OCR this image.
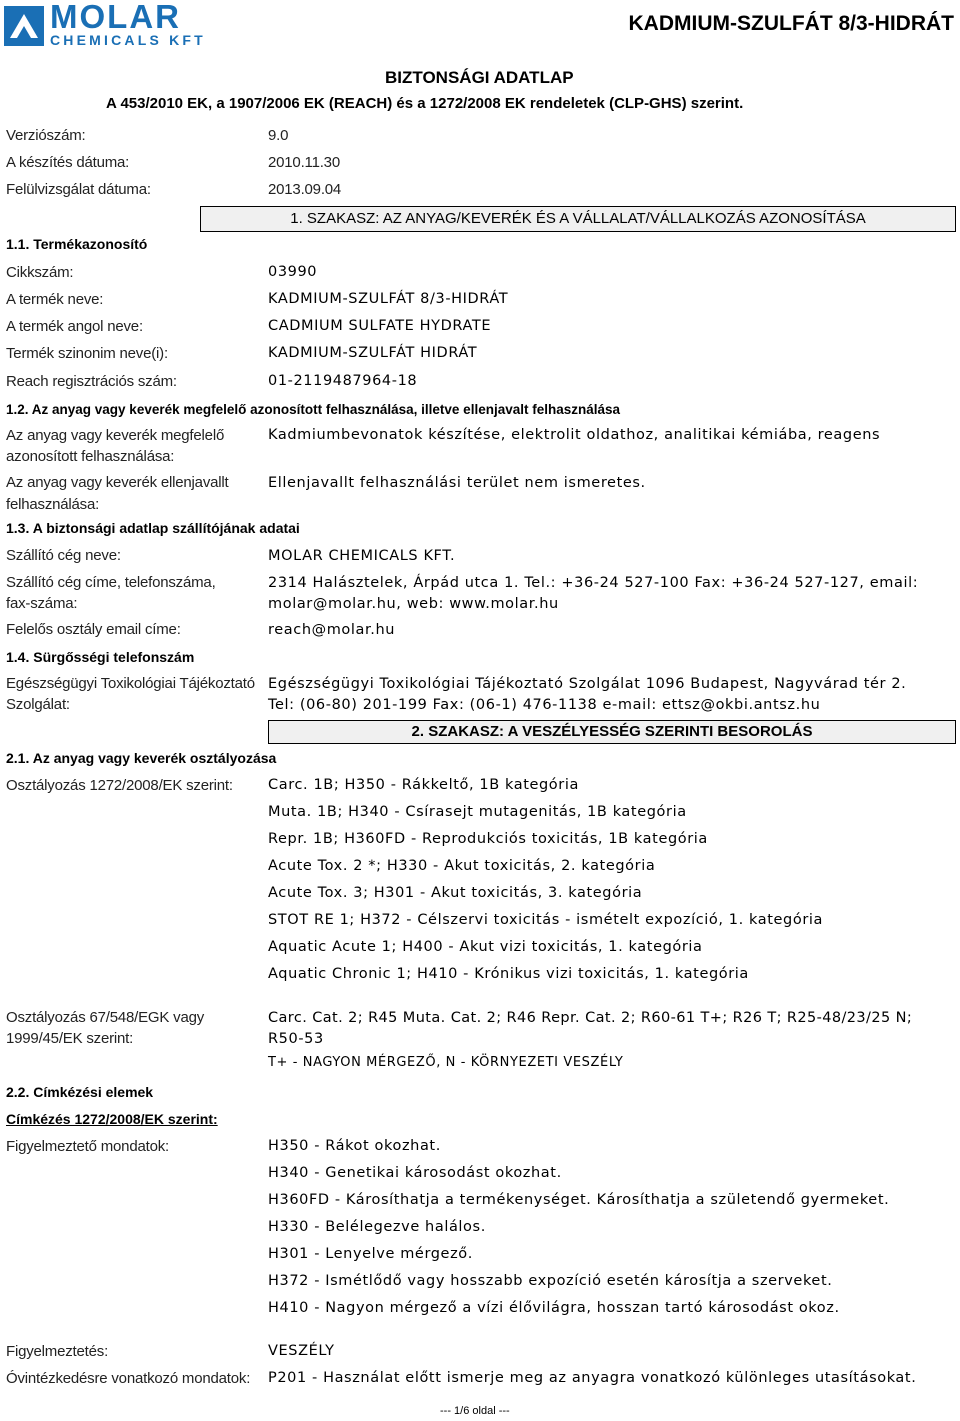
MOLAR
CHEMICALS KFT
KADMIUM-SZULFÁT 8/3-HIDRÁT
BIZTONSÁGI ADATLAP
A 453/2010 EK, a 1907/2006 EK (REACH) és a 1272/2008 EK rendeletek (CLP-GHS) szerint.
Verziószám:	9.0
A készítés dátuma:	2010.11.30
Felülvizsgálat dátuma:	2013.09.04
1. SZAKASZ: AZ ANYAG/KEVERÉK ÉS A VÁLLALAT/VÁLLALKOZÁS AZONOSÍTÁSA
1.1. Termékazonosító
Cikkszám:	03990
A termék neve:	KADMIUM-SZULFÁT 8/3-HIDRÁT
A termék angol neve:	CADMIUM SULFATE HYDRATE
Termék szinonim neve(i):	KADMIUM-SZULFÁT HIDRÁT
Reach regisztrációs szám:	01-2119487964-18
1.2. Az anyag vagy keverék megfelelő azonosított felhasználása, illetve ellenjavalt felhasználása
Az anyag vagy keverék megfelelő
azonosított felhasználása:
Kadmiumbevonatok készítése, elektrolit oldathoz, analitikai kémiába, reagens
Az anyag vagy keverék ellenjavallt
felhasználása:
Ellenjavallt felhasználási terület nem ismeretes.
1.3. A biztonsági adatlap szállítójának adatai
Szállító cég neve:	MOLAR CHEMICALS KFT.
Szállító cég címe, telefonszáma,
fax-száma:
2314 Halásztelek, Árpád utca 1. Tel.: +36-24 527-100 Fax: +36-24 527-127, email:
molar@molar.hu, web: www.molar.hu
Felelős osztály email címe:	reach@molar.hu
1.4. Sürgősségi telefonszám
Egészségügyi Toxikológiai Tájékoztató
Szolgálat:
Egészségügyi Toxikológiai Tájékoztató Szolgálat 1096 Budapest, Nagyvárad tér 2.
Tel: (06-80) 201-199 Fax: (06-1) 476-1138 e-mail: ettsz@okbi.antsz.hu
2. SZAKASZ: A VESZÉLYESSÉG SZERINTI BESOROLÁS
2.1. Az anyag vagy keverék osztályozása
Osztályozás 1272/2008/EK szerint: Carc. 1B; H350 - Rákkeltő, 1B kategória
Muta. 1B; H340 - Csírasejt mutagenitás, 1B kategória
Repr. 1B; H360FD - Reprodukciós toxicitás, 1B kategória
Acute Tox. 2 *; H330 - Akut toxicitás, 2. kategória
Acute Tox. 3; H301 - Akut toxicitás, 3. kategória
STOT RE 1; H372 - Célszervi toxicitás - ismételt expozíció, 1. kategória
Aquatic Acute 1; H400 - Akut vizi toxicitás, 1. kategória
Aquatic Chronic 1; H410 - Krónikus vizi toxicitás, 1. kategória
Osztályozás 67/548/EGK vagy
1999/45/EK szerint:
Carc. Cat. 2; R45 Muta. Cat. 2; R46 Repr. Cat. 2; R60-61 T+; R26 T; R25-48/23/25 N;
R50-53
T+ - NAGYON MÉRGEZŐ, N - KÖRNYEZETI VESZÉLY
2.2. Címkézési elemek
Címkézés 1272/2008/EK szerint:
Figyelmeztető mondatok:	H350 - Rákot okozhat.
H340 - Genetikai károsodást okozhat.
H360FD - Károsíthatja a termékenységet. Károsíthatja a születendő gyermeket.
H330 - Belélegezve halálos.
H301 - Lenyelve mérgező.
H372 - Ismétlődő vagy hosszabb expozíció esetén károsítja a szerveket.
H410 - Nagyon mérgező a vízi élővilágra, hosszan tartó károsodást okoz.
Figyelmeztetés:	VESZÉLY
Óvintézkedésre vonatkozó mondatok: P201 - Használat előtt ismerje meg az anyagra vonatkozó különleges utasításokat.
--- 1/6 oldal ---
